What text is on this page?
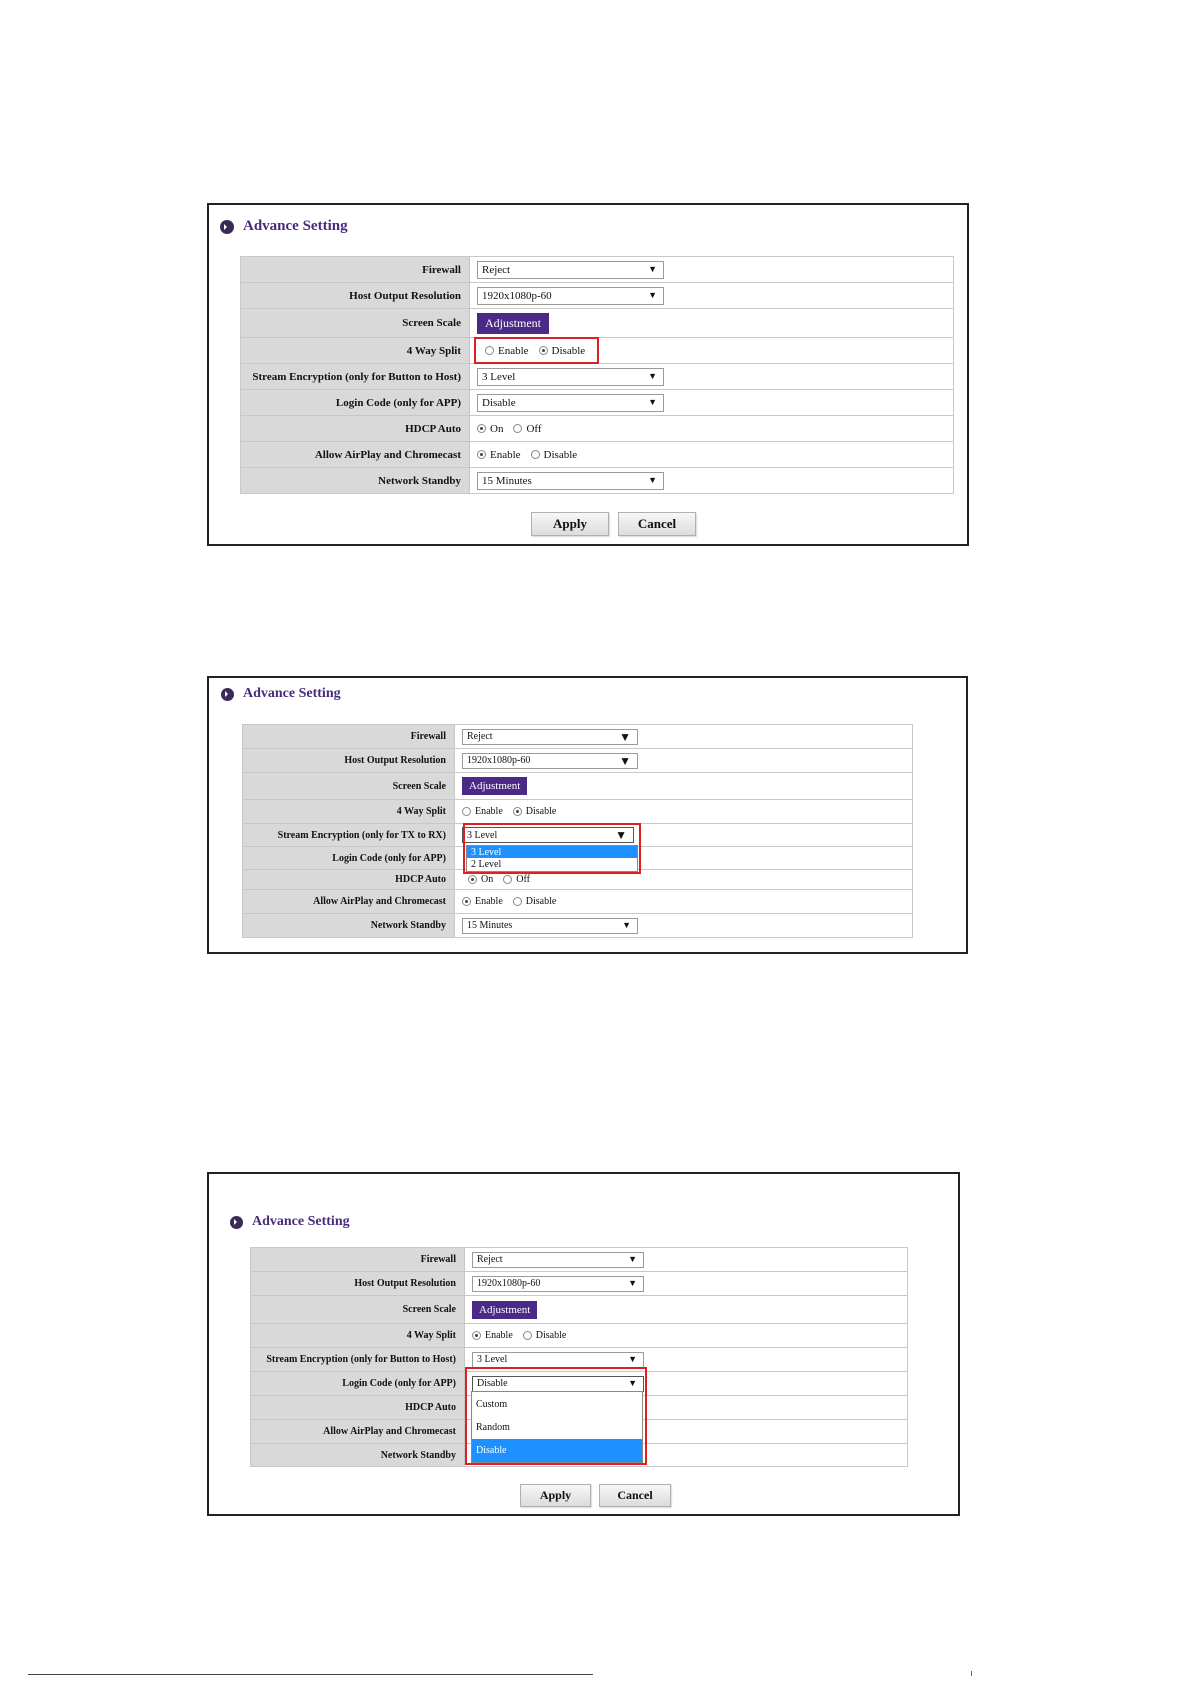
Advance Setting
Firewall	Reject ▼

Host Output Resolution	1920x1080p-60 ▼

Screen Scale	Adjustment
4 Way Split	Enable Disable

Stream Encryption (only for Button to Host)	3 Level ▼

Login Code (only for APP)	Disable ▼

HDCP Auto	On Off

Allow AirPlay and Chromecast	Enable Disable

Network Standby	15 Minutes ▼
Apply	Cancel
Advance Setting
Firewall	Reject ▼

Host Output Resolution	1920x1080p-60 ▼

Screen Scale	Adjustment
4 Way Split	Enable Disable

Stream Encryption (only for TX to RX)	3 Level ▼

Login Code (only for APP)	
HDCP Auto	On Off

Allow AirPlay and Chromecast	Enable Disable

Network Standby	15 Minutes ▼
3 Level
2 Level
Advance Setting
Firewall	Reject ▼

Host Output Resolution	1920x1080p-60 ▼

Screen Scale	Adjustment
4 Way Split	Enable Disable

Stream Encryption (only for Button to Host)	3 Level ▼

Login Code (only for APP)	Disable ▼

HDCP Auto	
Allow AirPlay and Chromecast	
Network Standby	
Custom
Random
Disable
Apply	Cancel
